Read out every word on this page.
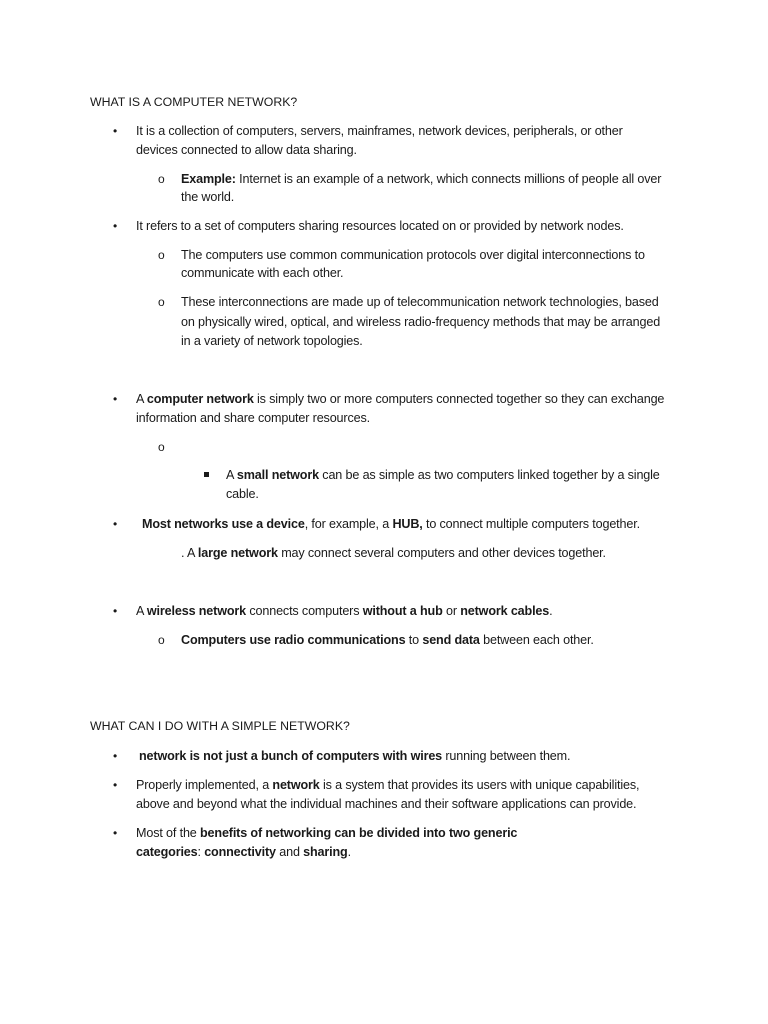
WHAT IS A COMPUTER NETWORK?
• It is a collection of computers, servers, mainframes, network devices, peripherals, or other
devices connected to allow data sharing.
o Example: Internet is an example of a network, which connects millions of people all over
the world.
• It refers to a set of computers sharing resources located on or provided by network nodes.
o The computers use common communication protocols over digital interconnections to
communicate with each other.
o These interconnections are made up of telecommunication network technologies, based
on physically wired, optical, and wireless radio-frequency methods that may be arranged
in a variety of network topologies.
• A computer network is simply two or more computers connected together so they can exchange
information and share computer resources.
o
A small network can be as simple as two computers linked together by a single
cable.
• Most networks use a device, for example, a HUB, to connect multiple computers together.
. A large network may connect several computers and other devices together.
• A wireless network connects computers without a hub or network cables.
o Computers use radio communications to send data between each other.
WHAT CAN I DO WITH A SIMPLE NETWORK?
• network is not just a bunch of computers with wires running between them.
• Properly implemented, a network is a system that provides its users with unique capabilities,
above and beyond what the individual machines and their software applications can provide.
• Most of the benefits of networking can be divided into two generic
categories: connectivity and sharing.
